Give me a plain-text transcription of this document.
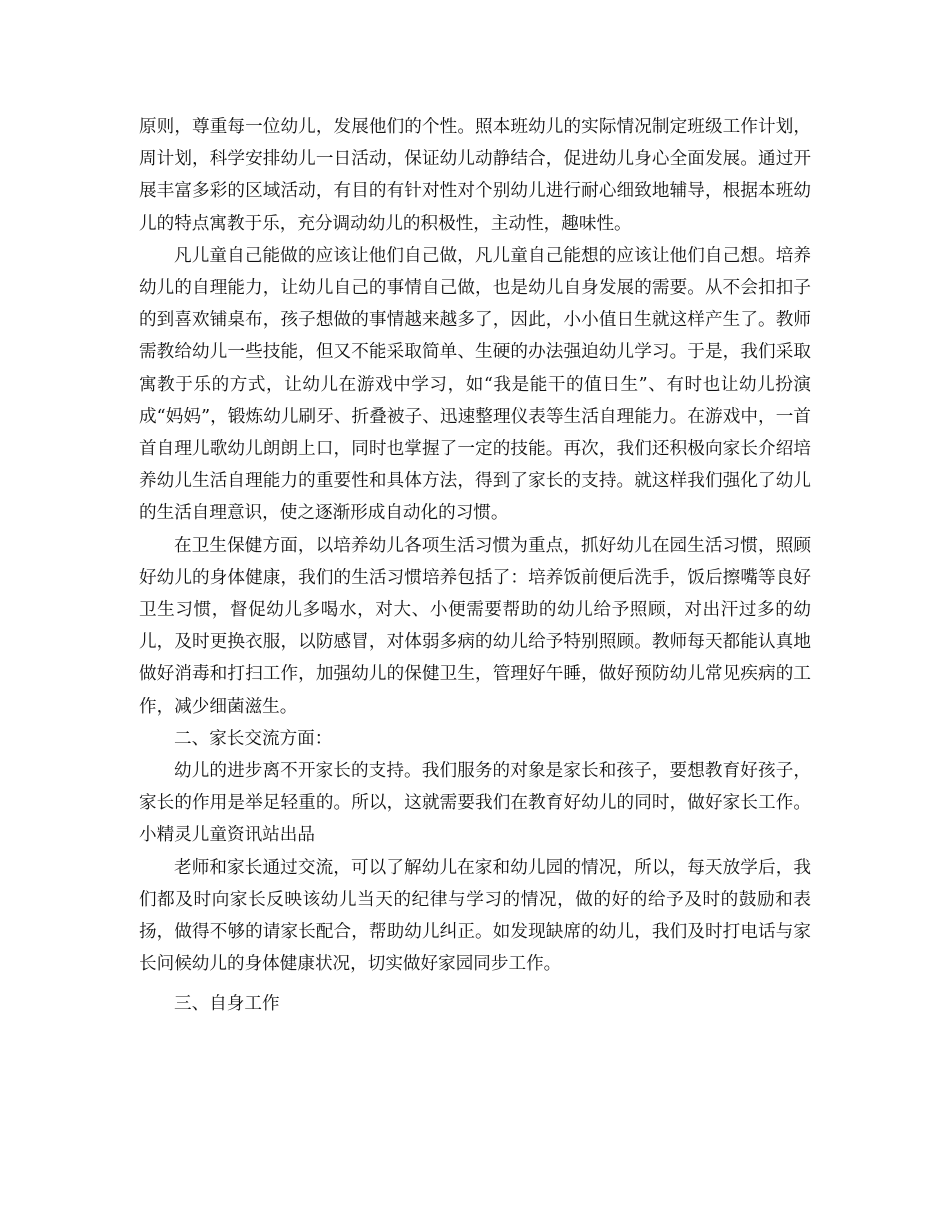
原则，尊重每一位幼儿，发展他们的个性。照本班幼儿的实际情况制定班级工作计划，周计划，科学安排幼儿一日活动，保证幼儿动静结合，促进幼儿身心全面发展。通过开展丰富多彩的区域活动，有目的有针对性对个别幼儿进行耐心细致地辅导，根据本班幼儿的特点寓教于乐，充分调动幼儿的积极性，主动性，趣味性。

凡儿童自己能做的应该让他们自己做，凡儿童自己能想的应该让他们自己想。培养幼儿的自理能力，让幼儿自己的事情自己做，也是幼儿自身发展的需要。从不会扣扣子的到喜欢铺桌布，孩子想做的事情越来越多了，因此，小小值日生就这样产生了。教师需教给幼儿一些技能，但又不能采取简单、生硬的办法强迫幼儿学习。于是，我们采取寓教于乐的方式，让幼儿在游戏中学习，如“我是能干的值日生”、有时也让幼儿扮演成“妈妈”，锻炼幼儿刷牙、折叠被子、迅速整理仪表等生活自理能力。在游戏中，一首首自理儿歌幼儿朗朗上口，同时也掌握了一定的技能。再次，我们还积极向家长介绍培养幼儿生活自理能力的重要性和具体方法，得到了家长的支持。就这样我们强化了幼儿的生活自理意识，使之逐渐形成自动化的习惯。

在卫生保健方面，以培养幼儿各项生活习惯为重点，抓好幼儿在园生活习惯，照顾好幼儿的身体健康，我们的生活习惯培养包括了：培养饭前便后洗手，饭后擦嘴等良好卫生习惯，督促幼儿多喝水，对大、小便需要帮助的幼儿给予照顾，对出汗过多的幼儿，及时更换衣服，以防感冒，对体弱多病的幼儿给予特别照顾。教师每天都能认真地做好消毒和打扫工作，加强幼儿的保健卫生，管理好午睡，做好预防幼儿常见疾病的工作，减少细菌滋生。

二、家长交流方面：

幼儿的进步离不开家长的支持。我们服务的对象是家长和孩子，要想教育好孩子，家长的作用是举足轻重的。所以，这就需要我们在教育好幼儿的同时，做好家长工作。小精灵儿童资讯站出品

老师和家长通过交流，可以了解幼儿在家和幼儿园的情况，所以，每天放学后，我们都及时向家长反映该幼儿当天的纪律与学习的情况，做的好的给予及时的鼓励和表扬，做得不够的请家长配合，帮助幼儿纠正。如发现缺席的幼儿，我们及时打电话与家长问候幼儿的身体健康状况，切实做好家园同步工作。

三、自身工作
